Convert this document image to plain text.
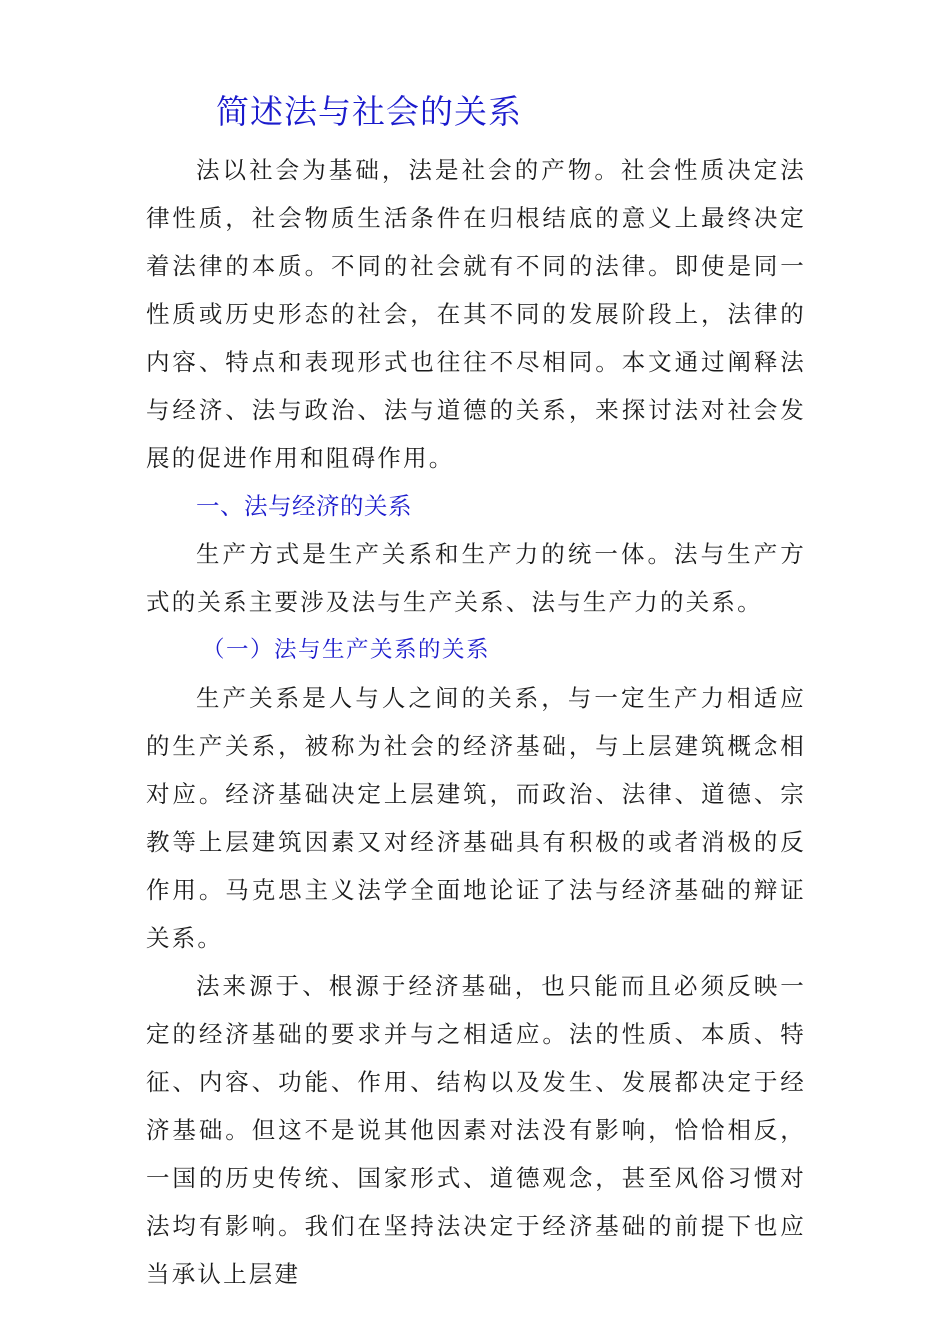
简述法与社会的关系

法以社会为基础，法是社会的产物。社会性质决定法律性质，社会物质生活条件在归根结底的意义上最终决定着法律的本质。不同的社会就有不同的法律。即使是同一性质或历史形态的社会，在其不同的发展阶段上，法律的内容、特点和表现形式也往往不尽相同。本文通过阐释法与经济、法与政治、法与道德的关系，来探讨法对社会发展的促进作用和阻碍作用。

一、法与经济的关系

生产方式是生产关系和生产力的统一体。法与生产方式的关系主要涉及法与生产关系、法与生产力的关系。

（一）法与生产关系的关系

生产关系是人与人之间的关系，与一定生产力相适应的生产关系，被称为社会的经济基础，与上层建筑概念相对应。经济基础决定上层建筑，而政治、法律、道德、宗教等上层建筑因素又对经济基础具有积极的或者消极的反作用。马克思主义法学全面地论证了法与经济基础的辩证关系。

法来源于、根源于经济基础，也只能而且必须反映一定的经济基础的要求并与之相适应。法的性质、本质、特征、内容、功能、作用、结构以及发生、发展都决定于经济基础。但这不是说其他因素对法没有影响，恰恰相反，一国的历史传统、国家形式、道德观念，甚至风俗习惯对法均有影响。我们在坚持法决定于经济基础的前提下也应当承认上层建
